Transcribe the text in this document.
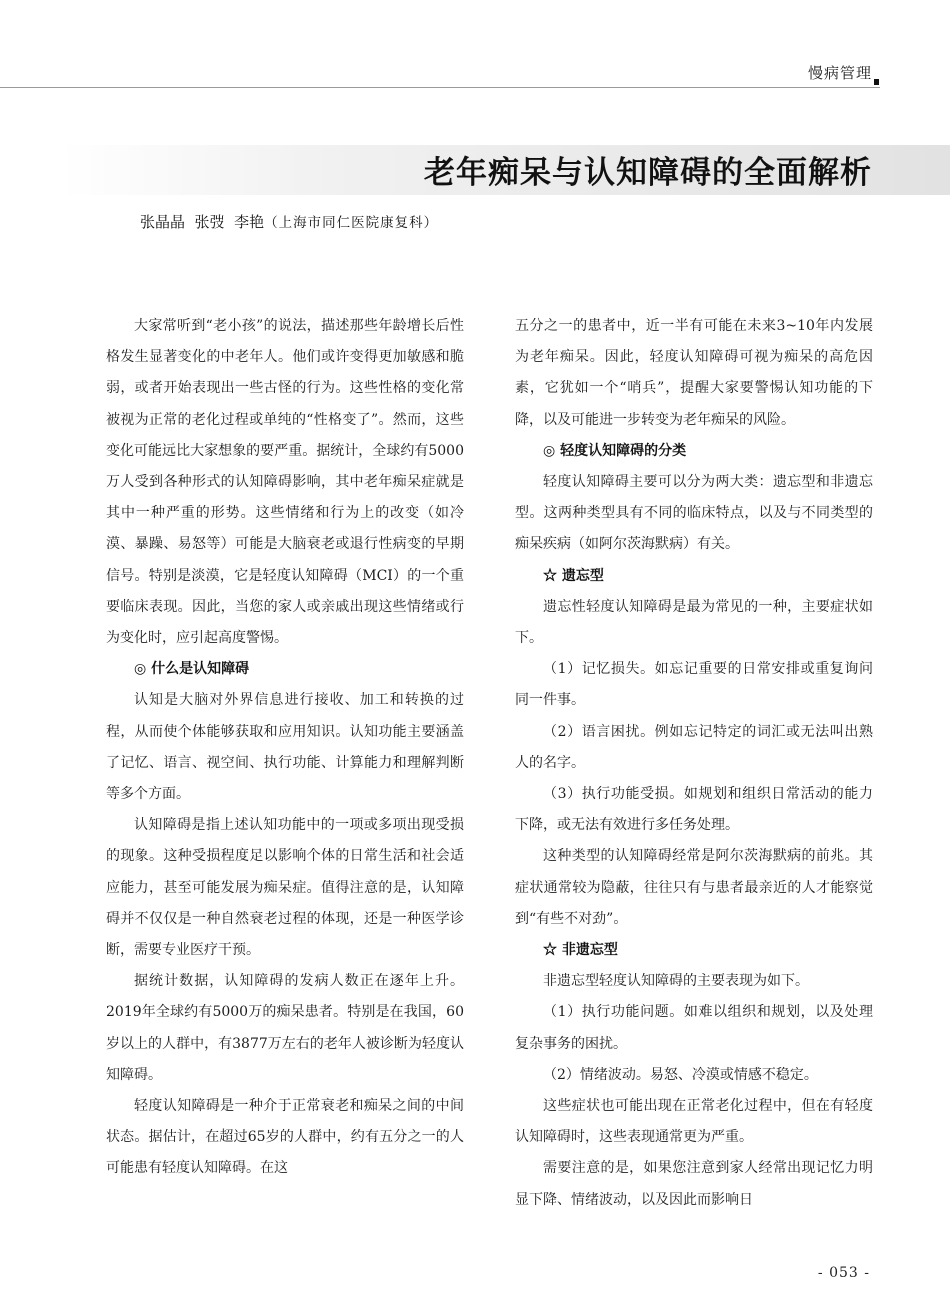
慢病管理
老年痴呆与认知障碍的全面解析
张晶晶  张弢  李艳（上海市同仁医院康复科）

大家常听到“老小孩”的说法，描述那些年龄增长后性格发生显著变化的中老年人。他们或许变得更加敏感和脆弱，或者开始表现出一些古怪的行为。这些性格的变化常被视为正常的老化过程或单纯的“性格变了”。然而，这些变化可能远比大家想象的要严重。据统计，全球约有5000万人受到各种形式的认知障碍影响，其中老年痴呆症就是其中一种严重的形势。这些情绪和行为上的改变（如冷漠、暴躁、易怒等）可能是大脑衰老或退行性病变的早期信号。特别是淡漠，它是轻度认知障碍（MCI）的一个重要临床表现。因此，当您的家人或亲戚出现这些情绪或行为变化时，应引起高度警惕。

◎ 什么是认知障碍

认知是大脑对外界信息进行接收、加工和转换的过程，从而使个体能够获取和应用知识。认知功能主要涵盖了记忆、语言、视空间、执行功能、计算能力和理解判断等多个方面。

认知障碍是指上述认知功能中的一项或多项出现受损的现象。这种受损程度足以影响个体的日常生活和社会适应能力，甚至可能发展为痴呆症。值得注意的是，认知障碍并不仅仅是一种自然衰老过程的体现，还是一种医学诊断，需要专业医疗干预。

据统计数据，认知障碍的发病人数正在逐年上升。2019年全球约有5000万的痴呆患者。特别是在我国，60岁以上的人群中，有3877万左右的老年人被诊断为轻度认知障碍。

轻度认知障碍是一种介于正常衰老和痴呆之间的中间状态。据估计，在超过65岁的人群中，约有五分之一的人可能患有轻度认知障碍。在这

五分之一的患者中，近一半有可能在未来3~10年内发展为老年痴呆。因此，轻度认知障碍可视为痴呆的高危因素，它犹如一个“哨兵”，提醒大家要警惕认知功能的下降，以及可能进一步转变为老年痴呆的风险。

◎ 轻度认知障碍的分类

轻度认知障碍主要可以分为两大类：遗忘型和非遗忘型。这两种类型具有不同的临床特点，以及与不同类型的痴呆疾病（如阿尔茨海默病）有关。

☆ 遗忘型

遗忘性轻度认知障碍是最为常见的一种，主要症状如下。

（1）记忆损失。如忘记重要的日常安排或重复询问同一件事。

（2）语言困扰。例如忘记特定的词汇或无法叫出熟人的名字。

（3）执行功能受损。如规划和组织日常活动的能力下降，或无法有效进行多任务处理。

这种类型的认知障碍经常是阿尔茨海默病的前兆。其症状通常较为隐蔽，往往只有与患者最亲近的人才能察觉到“有些不对劲”。

☆ 非遗忘型

非遗忘型轻度认知障碍的主要表现为如下。

（1）执行功能问题。如难以组织和规划，以及处理复杂事务的困扰。

（2）情绪波动。易怒、冷漠或情感不稳定。

这些症状也可能出现在正常老化过程中，但在有轻度认知障碍时，这些表现通常更为严重。

需要注意的是，如果您注意到家人经常出现记忆力明显下降、情绪波动，以及因此而影响日

- 053 -
